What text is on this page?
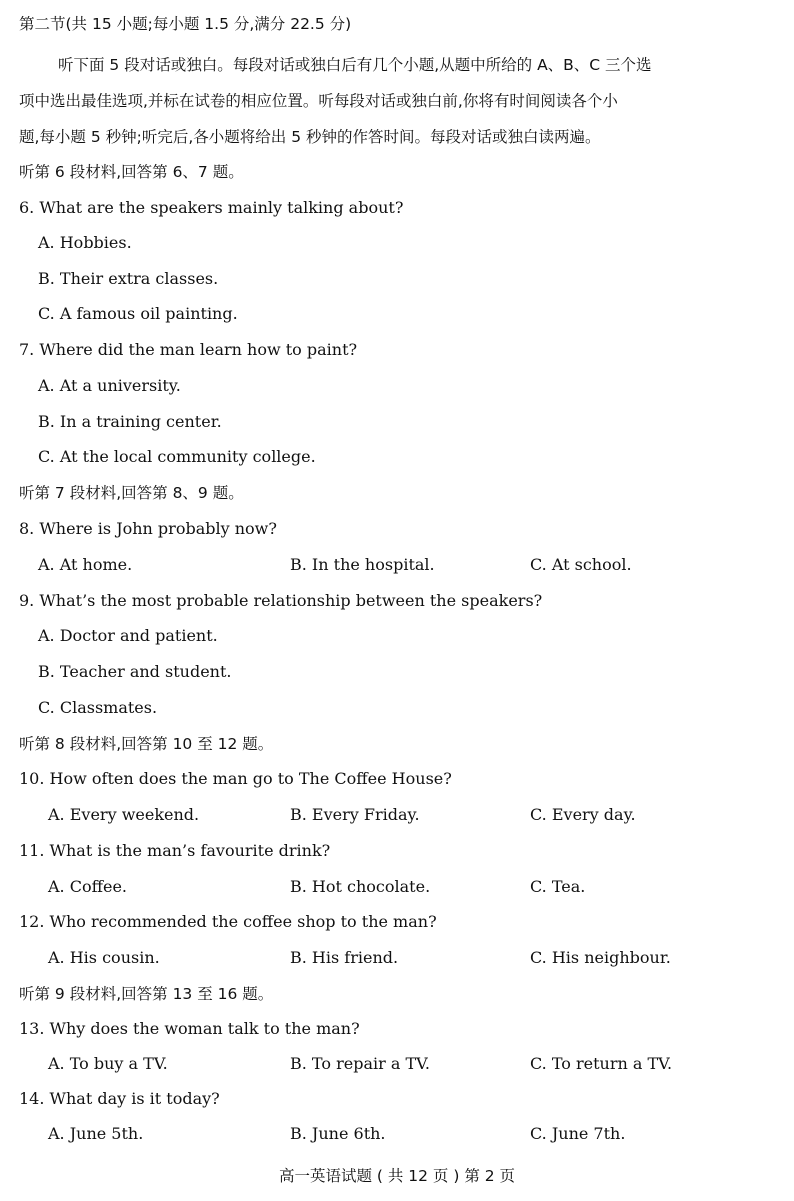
第二节(共 15 小题;每小题 1.5 分,满分 22.5 分)
听下面 5 段对话或独白。每段对话或独白后有几个小题,从题中所给的 A、B、C 三个选
项中选出最佳选项,并标在试卷的相应位置。听每段对话或独白前,你将有时间阅读各个小
题,每小题 5 秒钟;听完后,各小题将给出 5 秒钟的作答时间。每段对话或独白读两遍。
听第 6 段材料,回答第 6、7 题。
6. What are the speakers mainly talking about?
A. Hobbies.
B. Their extra classes.
C. A famous oil painting.
7. Where did the man learn how to paint?
A. At a university.
B. In a training center.
C. At the local community college.
听第 7 段材料,回答第 8、9 题。
8. Where is John probably now?
A. At home.	B. In the hospital.	C. At school.
9. What’s the most probable relationship between the speakers?
A. Doctor and patient.
B. Teacher and student.
C. Classmates.
听第 8 段材料,回答第 10 至 12 题。
10. How often does the man go to The Coffee House?
A. Every weekend.	B. Every Friday.	C. Every day.
11. What is the man’s favourite drink?
A. Coffee.	B. Hot chocolate.	C. Tea.
12. Who recommended the coffee shop to the man?
A. His cousin.	B. His friend.	C. His neighbour.
听第 9 段材料,回答第 13 至 16 题。
13. Why does the woman talk to the man?
A. To buy a TV.	B. To repair a TV.	C. To return a TV.
14. What day is it today?
A. June 5th.	B. June 6th.	C. June 7th.
高一英语试题 ( 共 12 页 ) 第 2 页
